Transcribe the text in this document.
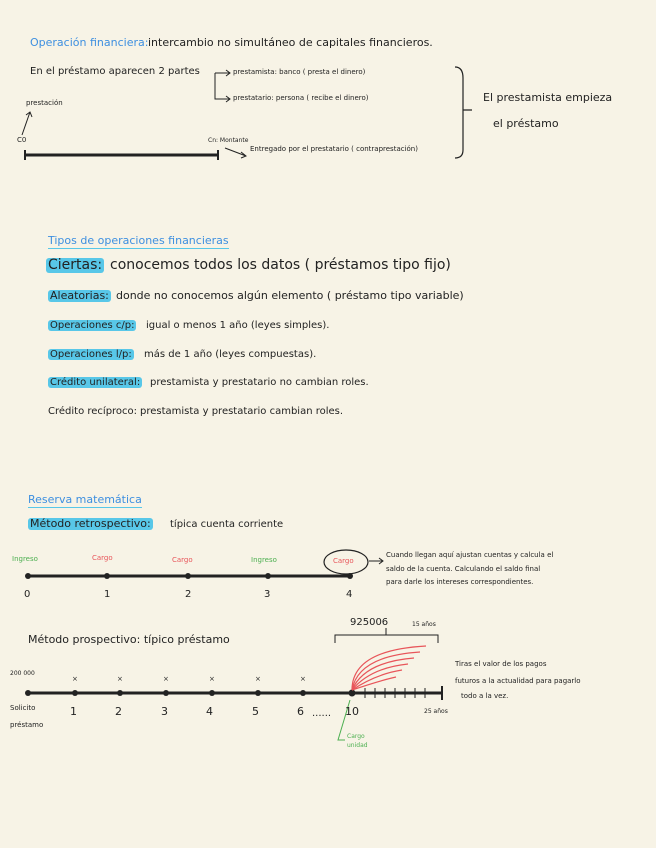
Operación financiera: intercambio no simultáneo de capitales financieros.
En el préstamo aparecen 2 partes	prestamista: banco ( presta el dinero)
prestatario: persona ( recibe el dinero)	El prestamista empieza
el préstamo
prestación
C0	Cn: Montante
Entregado por el prestatario ( contraprestación)
Tipos de operaciones financieras
Ciertas: conocemos todos los datos ( préstamos tipo fijo)
Aleatorias: donde no conocemos algún elemento ( préstamo tipo variable)
Operaciones c/p: igual o menos 1 año (leyes simples).
Operaciones l/p: más de 1 año (leyes compuestas).
Crédito unilateral: prestamista y prestatario no cambian roles.
Crédito recíproco: prestamista y prestatario cambian roles.
Reserva matemática
Método retrospectivo: típica cuenta corriente
Ingreso	Cargo	Cargo	Ingreso	Cargo
0	1	2	3	4
Cuando llegan aquí ajustan cuentas y calcula el
saldo de la cuenta. Calculando el saldo final
para darle los intereses correspondientes.
Método prospectivo: típico préstamo
925006	15 años
200 000
×	×	×	×	×	×
1	2	3	4	5	6 ...... 10	25 años
Solicito
préstamo
Cargo
unidad
Tiras el valor de los pagos
futuros a la actualidad para pagarlo
todo a la vez.
